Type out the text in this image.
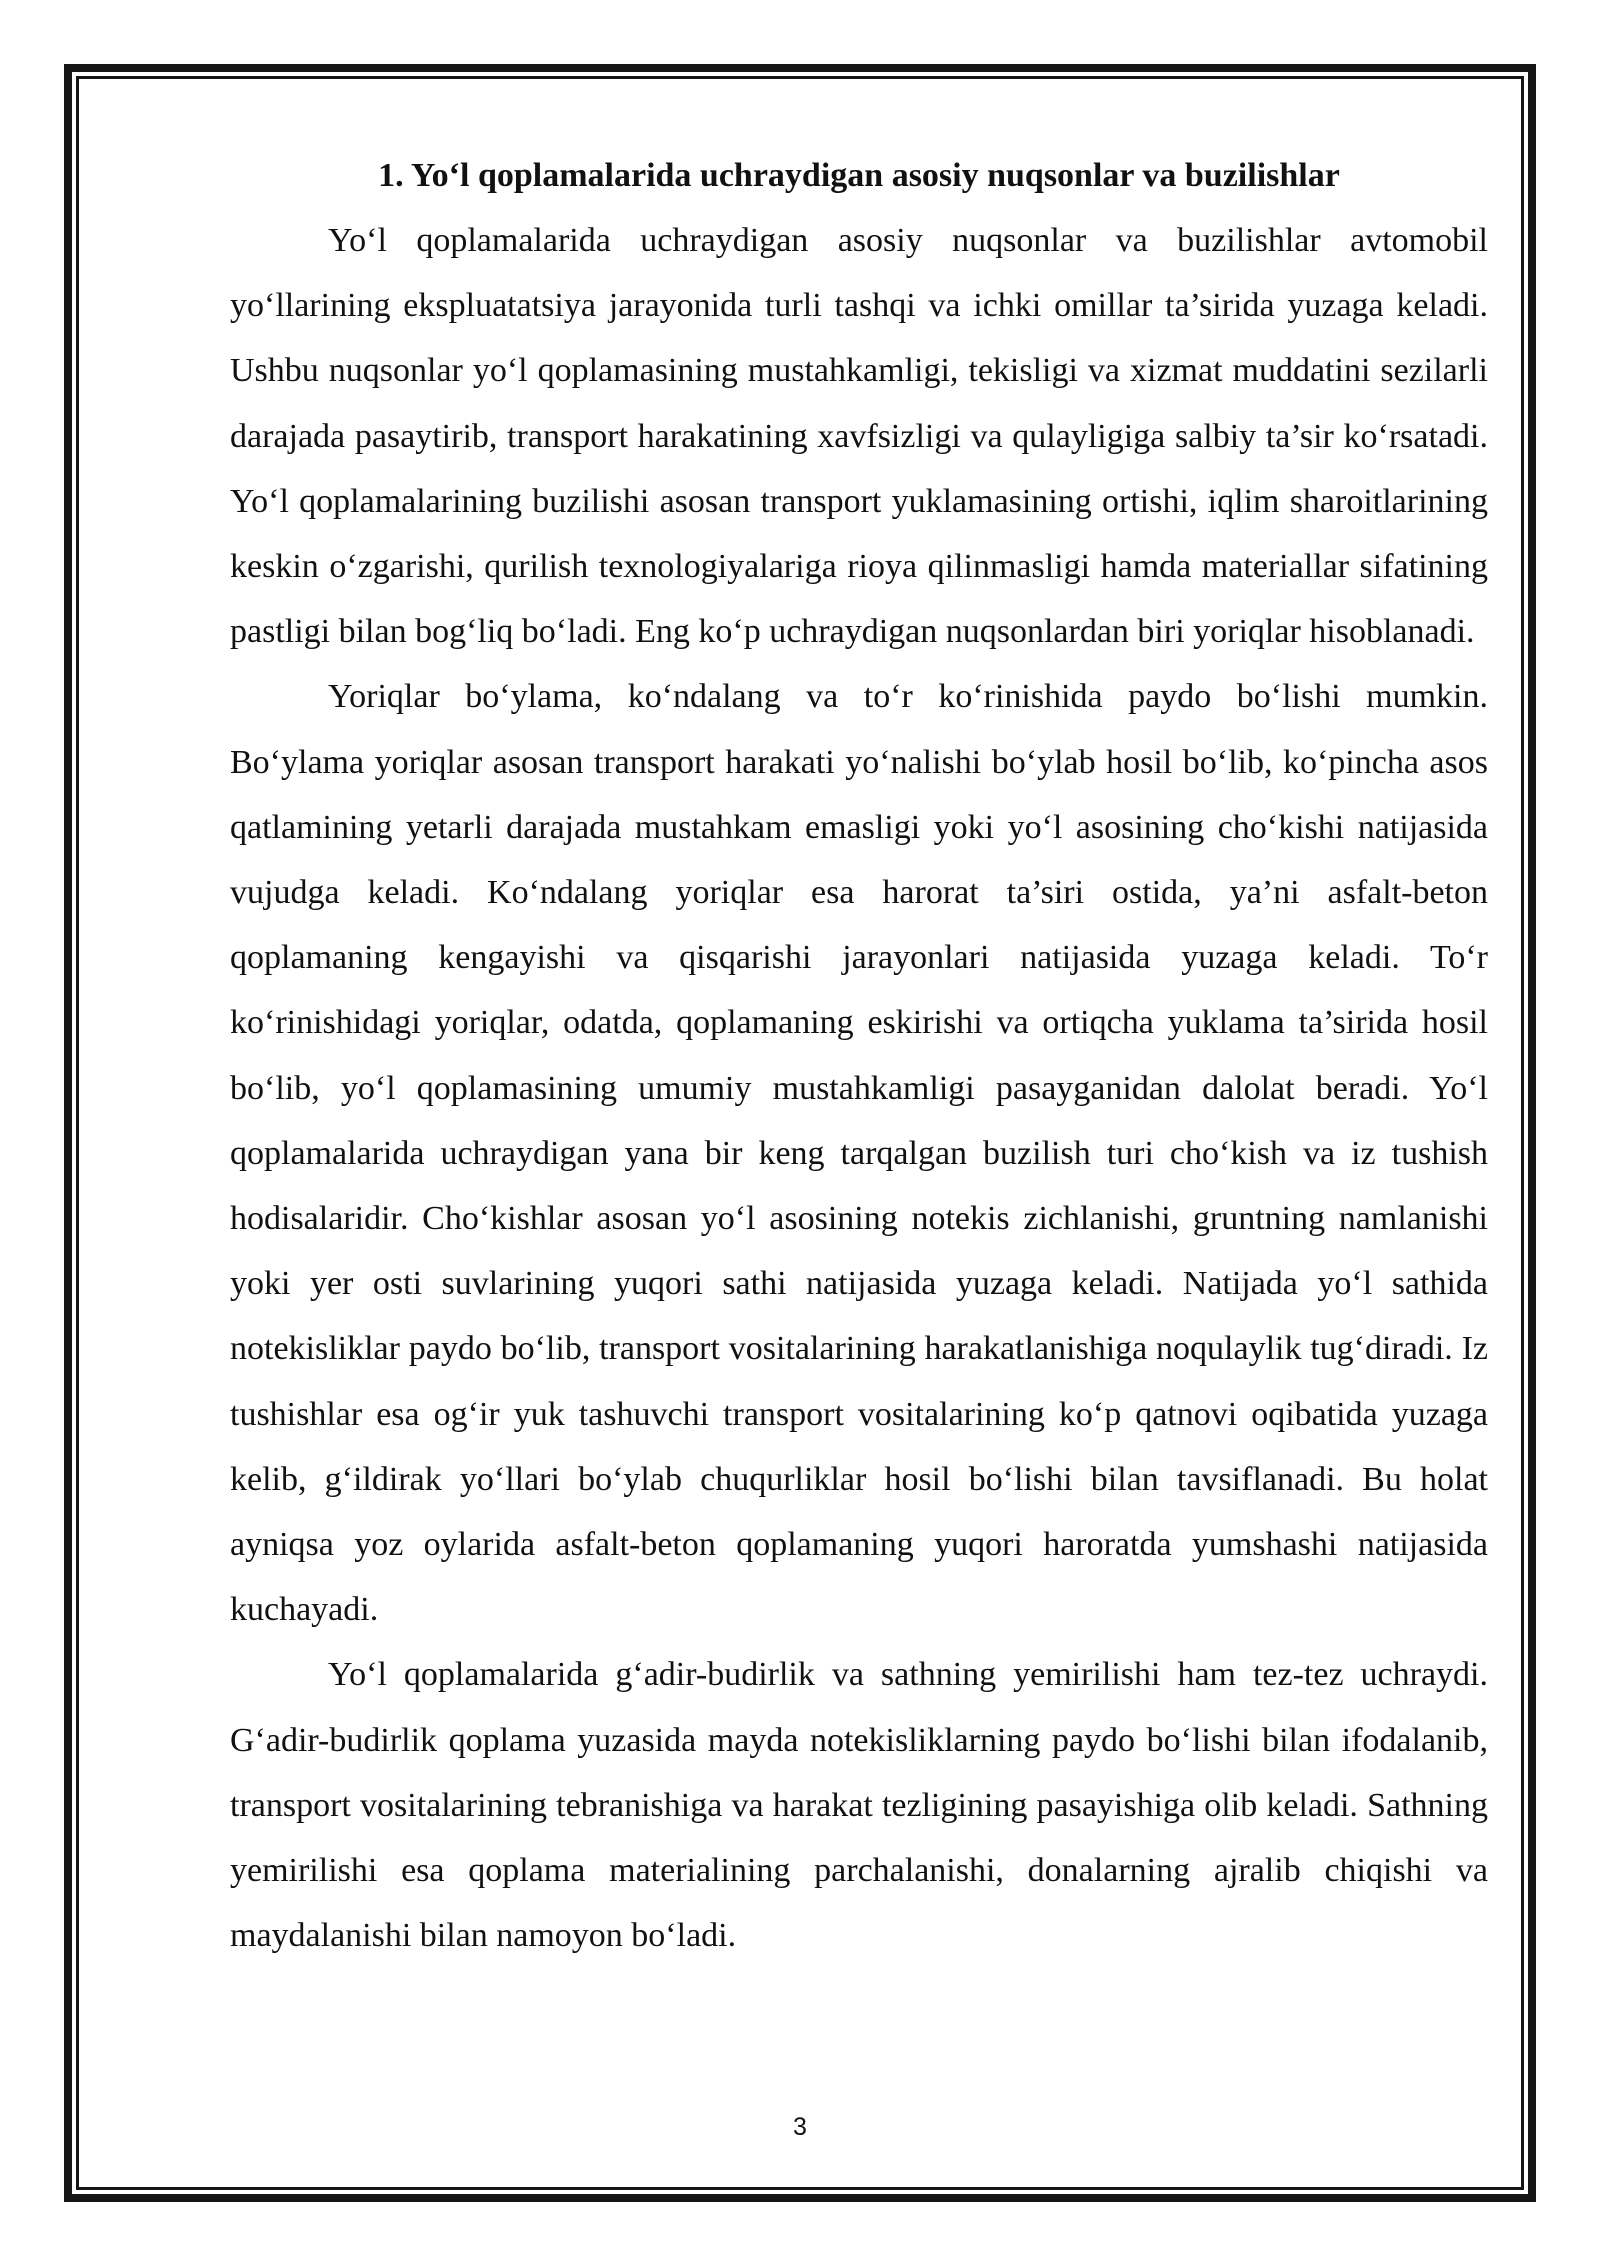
1. Yo‘l qoplamalarida uchraydigan asosiy nuqsonlar va buzilishlar

Yo‘l qoplamalarida uchraydigan asosiy nuqsonlar va buzilishlar avtomobil yo‘llarining ekspluatatsiya jarayonida turli tashqi va ichki omillar ta’sirida yuzaga keladi. Ushbu nuqsonlar yo‘l qoplamasining mustahkamligi, tekisligi va xizmat muddatini sezilarli darajada pasaytirib, transport harakatining xavfsizligi va qulayligiga salbiy ta’sir ko‘rsatadi. Yo‘l qoplamalarining buzilishi asosan transport yuklamasining ortishi, iqlim sharoitlarining keskin o‘zgarishi, qurilish texnologiyalariga rioya qilinmasligi hamda materiallar sifatining pastligi bilan bog‘liq bo‘ladi. Eng ko‘p uchraydigan nuqsonlardan biri yoriqlar hisoblanadi.

Yoriqlar bo‘ylama, ko‘ndalang va to‘r ko‘rinishida paydo bo‘lishi mumkin. Bo‘ylama yoriqlar asosan transport harakati yo‘nalishi bo‘ylab hosil bo‘lib, ko‘pincha asos qatlamining yetarli darajada mustahkam emasligi yoki yo‘l asosining cho‘kishi natijasida vujudga keladi. Ko‘ndalang yoriqlar esa harorat ta’siri ostida, ya’ni asfalt-beton qoplamaning kengayishi va qisqarishi jarayonlari natijasida yuzaga keladi. To‘r ko‘rinishidagi yoriqlar, odatda, qoplamaning eskirishi va ortiqcha yuklama ta’sirida hosil bo‘lib, yo‘l qoplamasining umumiy mustahkamligi pasayganidan dalolat beradi. Yo‘l qoplamalarida uchraydigan yana bir keng tarqalgan buzilish turi cho‘kish va iz tushish hodisalaridir. Cho‘kishlar asosan yo‘l asosining notekis zichlanishi, gruntning namlanishi yoki yer osti suvlarining yuqori sathi natijasida yuzaga keladi. Natijada yo‘l sathida notekisliklar paydo bo‘lib, transport vositalarining harakatlanishiga noqulaylik tug‘diradi. Iz tushishlar esa og‘ir yuk tashuvchi transport vositalarining ko‘p qatnovi oqibatida yuzaga kelib, g‘ildirak yo‘llari bo‘ylab chuqurliklar hosil bo‘lishi bilan tavsiflanadi. Bu holat ayniqsa yoz oylarida asfalt-beton qoplamaning yuqori haroratda yumshashi natijasida kuchayadi.

Yo‘l qoplamalarida g‘adir-budirlik va sathning yemirilishi ham tez-tez uchraydi. G‘adir-budirlik qoplama yuzasida mayda notekisliklarning paydo bo‘lishi bilan ifodalanib, transport vositalarining tebranishiga va harakat tezligining pasayishiga olib keladi. Sathning yemirilishi esa qoplama materialining parchalanishi, donalarning ajralib chiqishi va maydalanishi bilan namoyon bo‘ladi.

3
